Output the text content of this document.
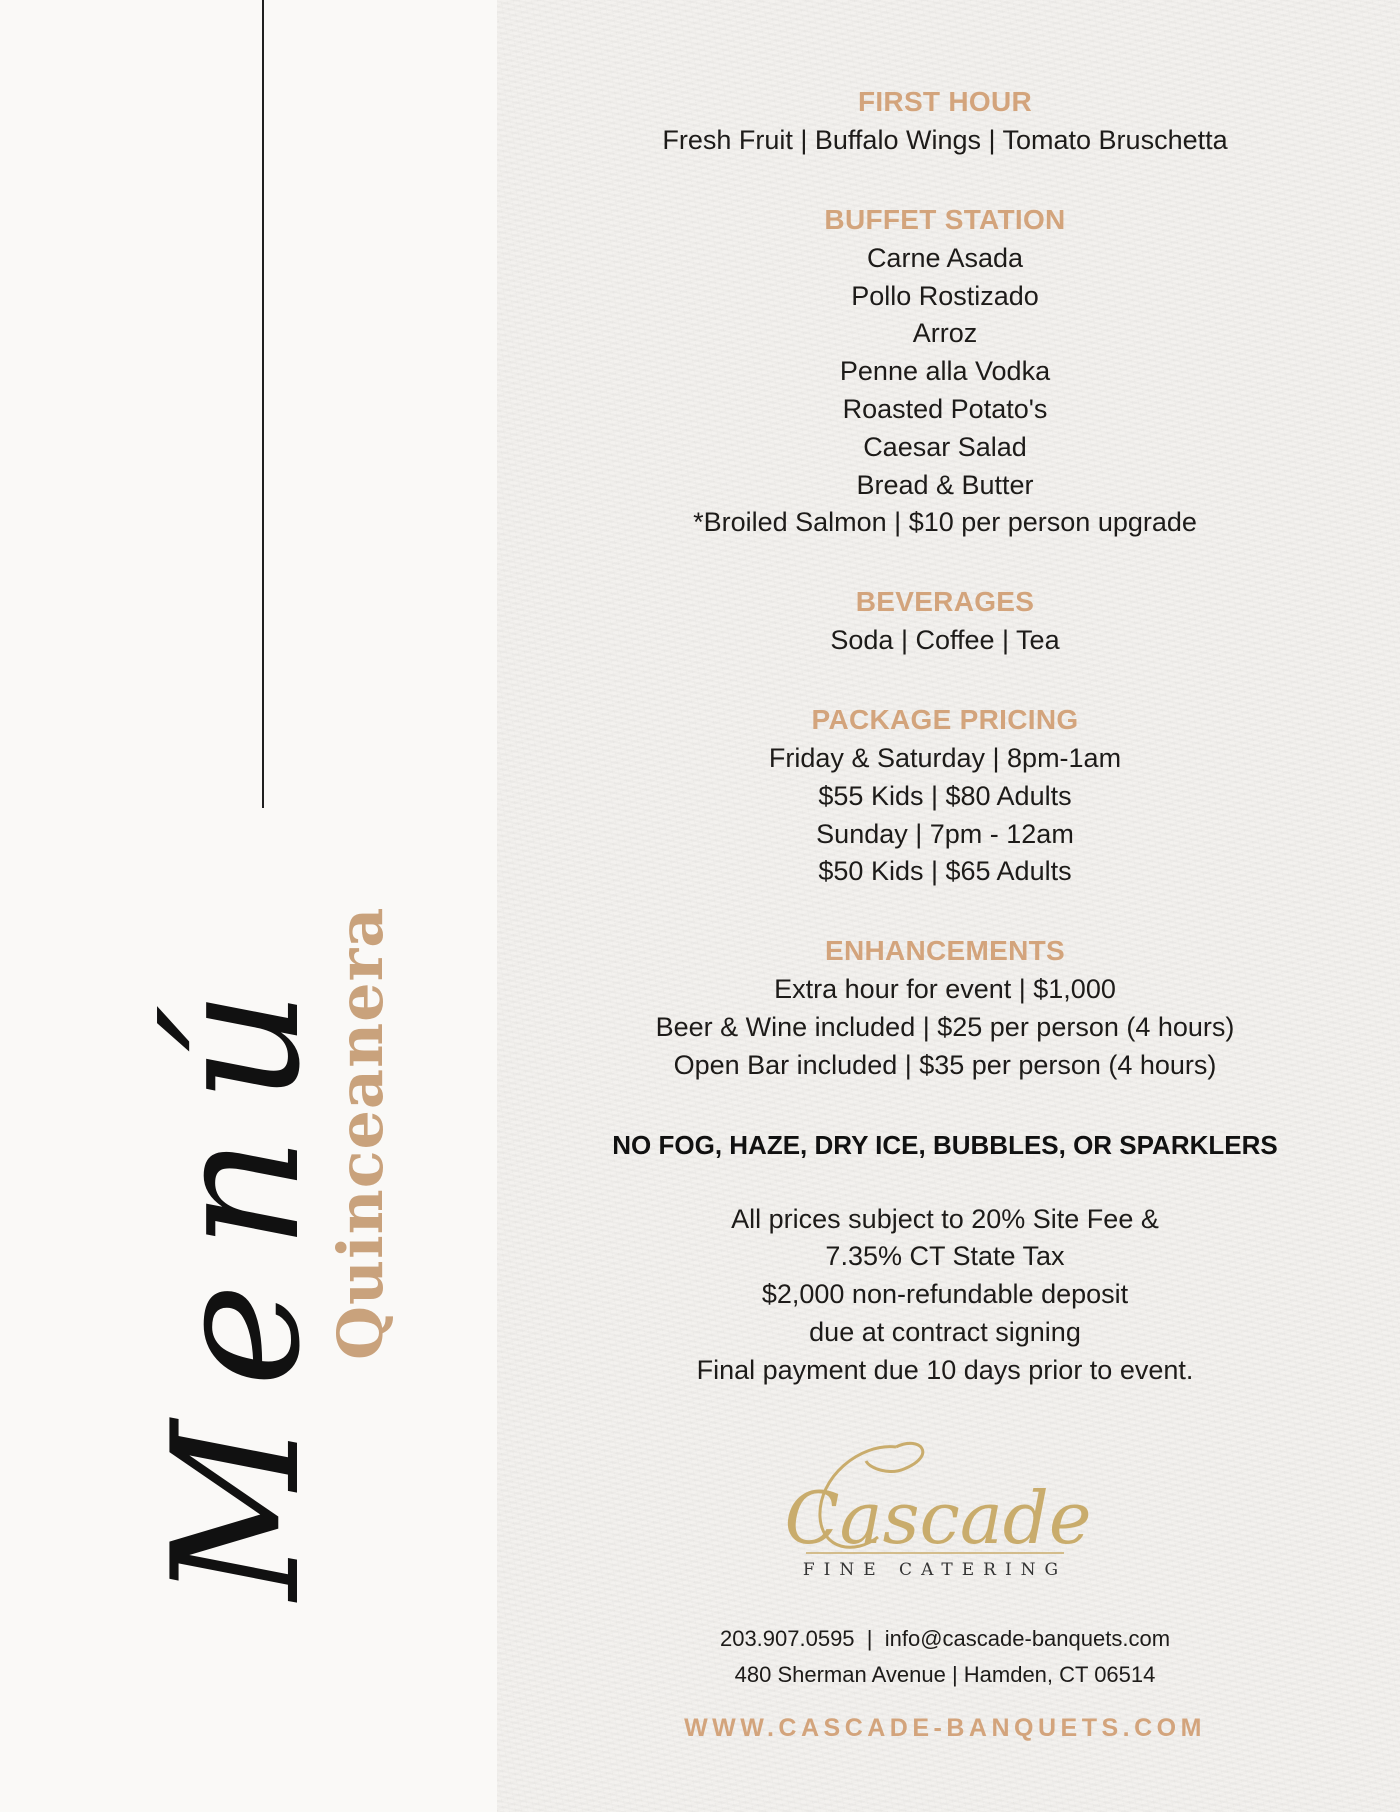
Menú
Quinceanera

FIRST HOUR

Fresh Fruit | Buffalo Wings | Tomato Bruschetta

BUFFET STATION

Carne Asada

Pollo Rostizado

Arroz

Penne alla Vodka

Roasted Potato's

Caesar Salad

Bread & Butter

*Broiled Salmon | $10 per person upgrade

BEVERAGES

Soda | Coffee | Tea

PACKAGE PRICING

Friday & Saturday | 8pm-1am

$55 Kids | $80 Adults

Sunday | 7pm - 12am

$50 Kids | $65 Adults

ENHANCEMENTS

Extra hour for event | $1,000

Beer & Wine included | $25 per person (4 hours)

Open Bar included | $35 per person (4 hours)

NO FOG, HAZE, DRY ICE, BUBBLES, OR SPARKLERS

All prices subject to 20% Site Fee &

7.35% CT State Tax

$2,000 non-refundable deposit

due at contract signing

Final payment due 10 days prior to event.

Cascade
FINE CATERING
203.907.0595  |  info@cascade-banquets.com
480 Sherman Avenue | Hamden, CT 06514
WWW.CASCADE-BANQUETS.COM
